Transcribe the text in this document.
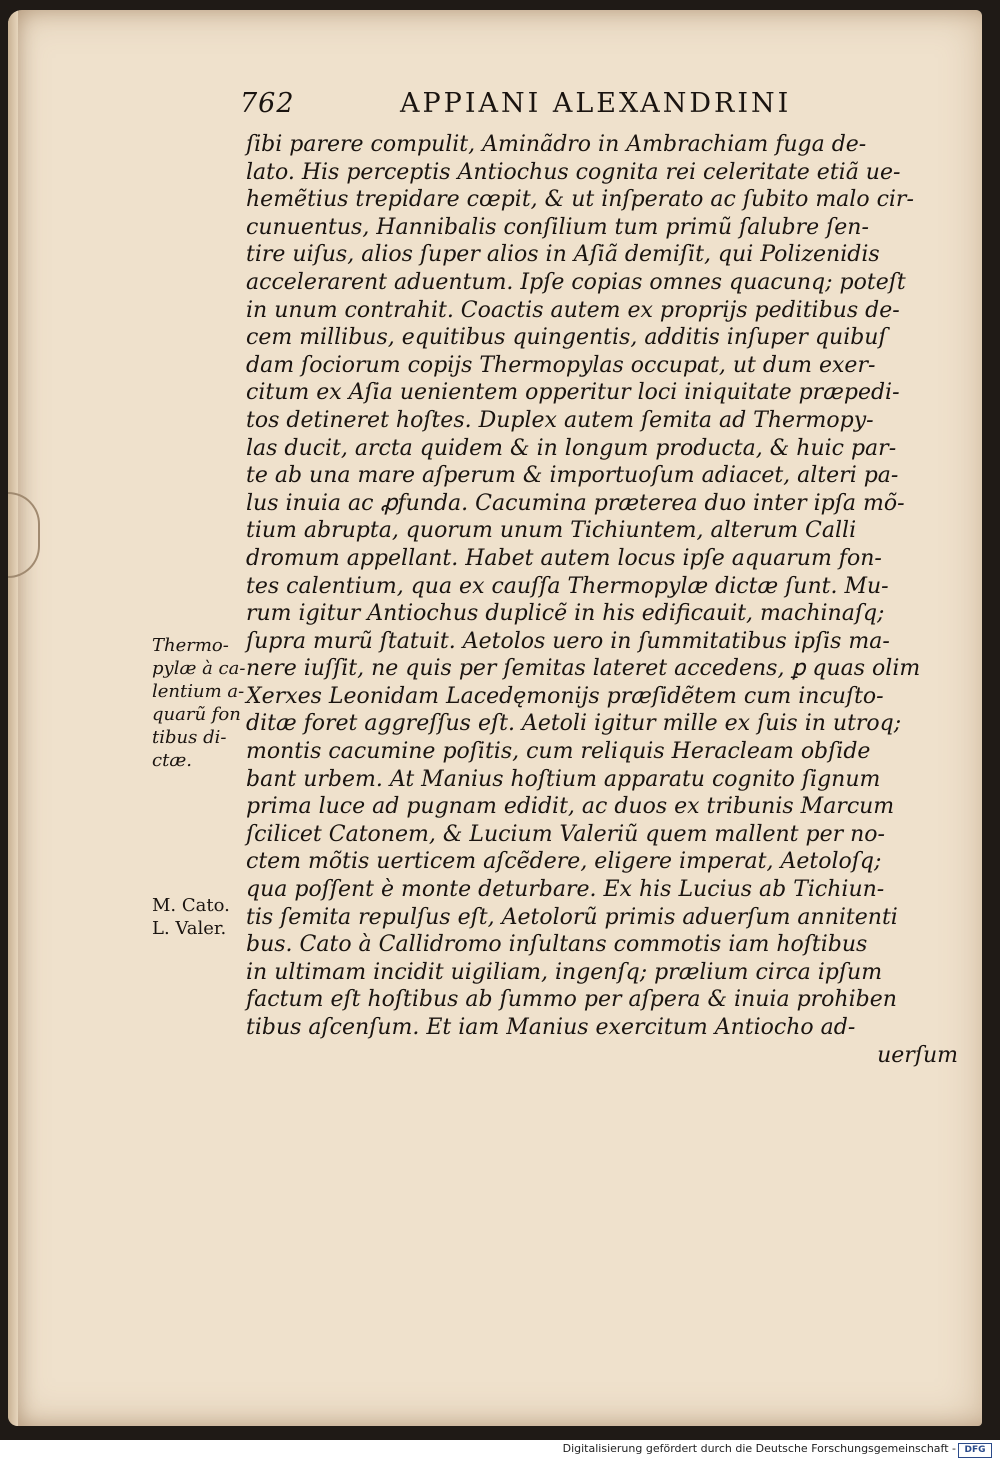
762	APPIANI ALEXANDRINI
Thermo-
pylæ à ca-
lentium a-
quarũ fon
tibus di-
ctæ.
M. Cato.
L. Valer.
ſibi parere compulit, Aminãdro in Ambrachiam fuga de-
lato. His perceptis Antiochus cognita rei celeritate etiã ue-
hemẽtius trepidare cœpit, & ut inſperato ac ſubito malo cir-
cunuentus, Hannibalis conſilium tum primũ ſalubre ſen-
tire uiſus, alios ſuper alios in Aſiã demiſit, qui Polizenidis
accelerarent aduentum. Ipſe copias omnes quacunq; poteſt
in unum contrahit. Coactis autem ex proprijs peditibus de-
cem millibus, equitibus quingentis, additis inſuper quibuſ
dam ſociorum copijs Thermopylas occupat, ut dum exer-
citum ex Aſia uenientem opperitur loci iniquitate præpedi-
tos detineret hoſtes. Duplex autem ſemita ad Thermopy-
las ducit, arcta quidem & in longum producta, & huic par-
te ab una mare aſperum & importuoſum adiacet, alteri pa-
lus inuia ac ꝓfunda. Cacumina præterea duo inter ipſa mõ-
tium abrupta, quorum unum Tichiuntem, alterum Calli
dromum appellant. Habet autem locus ipſe aquarum fon-
tes calentium, qua ex cauſſa Thermopylæ dictæ ſunt. Mu-
rum igitur Antiochus duplicẽ in his edificauit, machinaſq;
ſupra murũ ſtatuit. Aetolos uero in ſummitatibus ipſis ma-
nere iuſſit, ne quis per ſemitas lateret accedens, ꝑ quas olim
Xerxes Leonidam Lacedęmonijs præſidẽtem cum incuſto-
ditæ foret aggreſſus eſt. Aetoli igitur mille ex ſuis in utroq;
montis cacumine poſitis, cum reliquis Heracleam obſide
bant urbem. At Manius hoſtium apparatu cognito ſignum
prima luce ad pugnam edidit, ac duos ex tribunis Marcum
ſcilicet Catonem, & Lucium Valeriũ quem mallent per no-
ctem mõtis uerticem aſcẽdere, eligere imperat, Aetoloſq;
qua poſſent è monte deturbare. Ex his Lucius ab Tichiun-
tis ſemita repulſus eſt, Aetolorũ primis aduerſum annitenti
bus. Cato à Callidromo inſultans commotis iam hoſtibus
in ultimam incidit uigiliam, ingenſq; prælium circa ipſum
factum eſt hoſtibus ab ſummo per aſpera & inuia prohiben
tibus aſcenſum. Et iam Manius exercitum Antiocho ad-
uerſum
Digitalisierung gefördert durch die Deutsche Forschungsgemeinschaft - DFG
